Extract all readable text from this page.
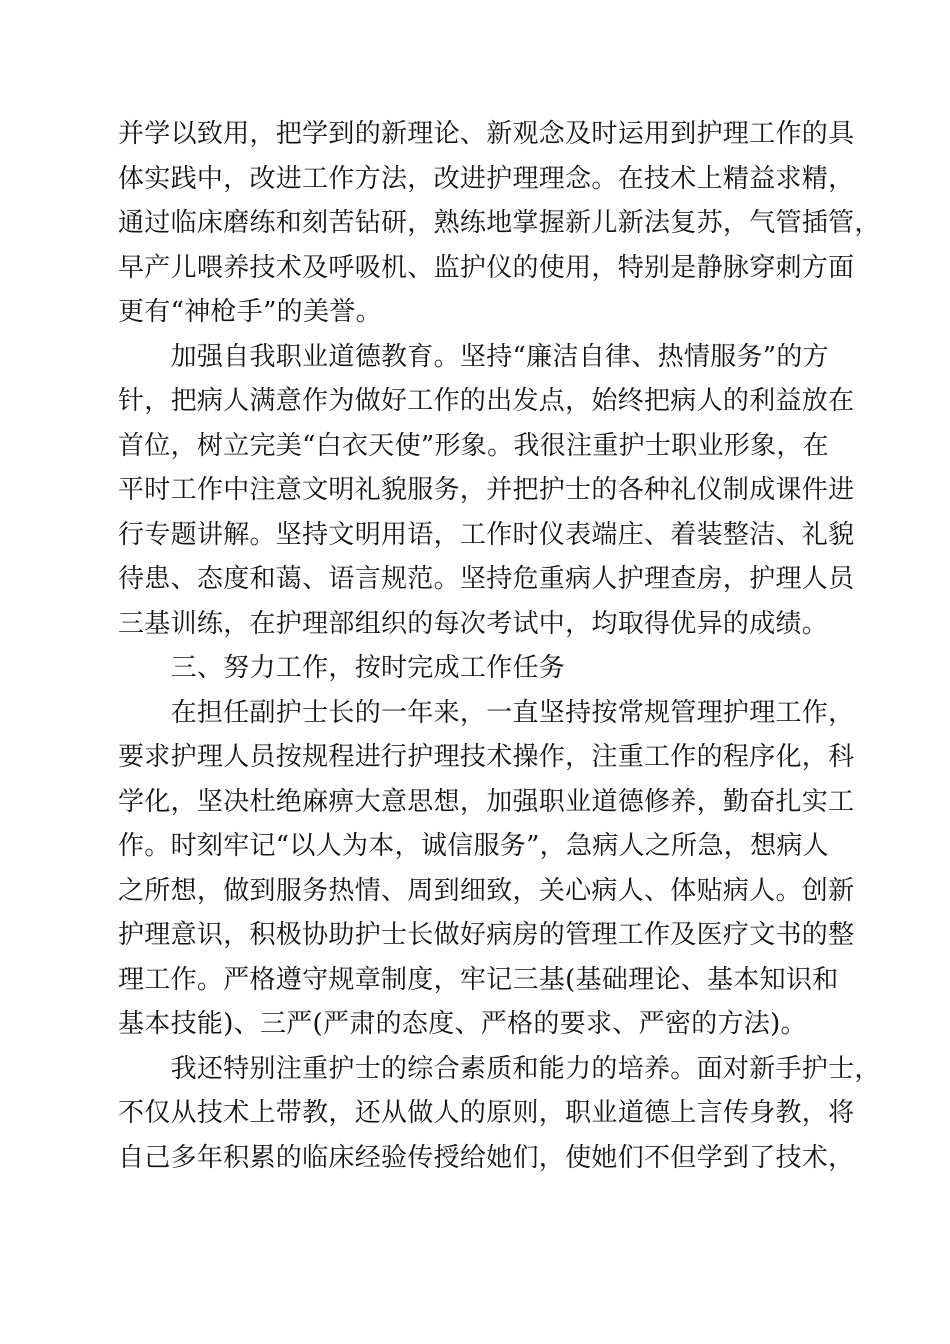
并学以致用，把学到的新理论、新观念及时运用到护理工作的具
体实践中，改进工作方法，改进护理理念。在技术上精益求精，
通过临床磨练和刻苦钻研，熟练地掌握新儿新法复苏，气管插管，
早产儿喂养技术及呼吸机、监护仪的使用，特别是静脉穿刺方面
更有“神枪手”的美誉。

　　加强自我职业道德教育。坚持“廉洁自律、热情服务”的方
针，把病人满意作为做好工作的出发点，始终把病人的利益放在
首位，树立完美“白衣天使”形象。我很注重护士职业形象，在
平时工作中注意文明礼貌服务，并把护士的各种礼仪制成课件进
行专题讲解。坚持文明用语，工作时仪表端庄、着装整洁、礼貌
待患、态度和蔼、语言规范。坚持危重病人护理查房，护理人员
三基训练，在护理部组织的每次考试中，均取得优异的成绩。

　　三、努力工作，按时完成工作任务

　　在担任副护士长的一年来，一直坚持按常规管理护理工作，
要求护理人员按规程进行护理技术操作，注重工作的程序化，科
学化，坚决杜绝麻痹大意思想，加强职业道德修养，勤奋扎实工
作。时刻牢记“以人为本，诚信服务”，急病人之所急，想病人
之所想，做到服务热情、周到细致，关心病人、体贴病人。创新
护理意识，积极协助护士长做好病房的管理工作及医疗文书的整
理工作。严格遵守规章制度，牢记三基(基础理论、基本知识和
基本技能)、三严(严肃的态度、严格的要求、严密的方法)。

　　我还特别注重护士的综合素质和能力的培养。面对新手护士，
不仅从技术上带教，还从做人的原则，职业道德上言传身教，将
自己多年积累的临床经验传授给她们，使她们不但学到了技术，
